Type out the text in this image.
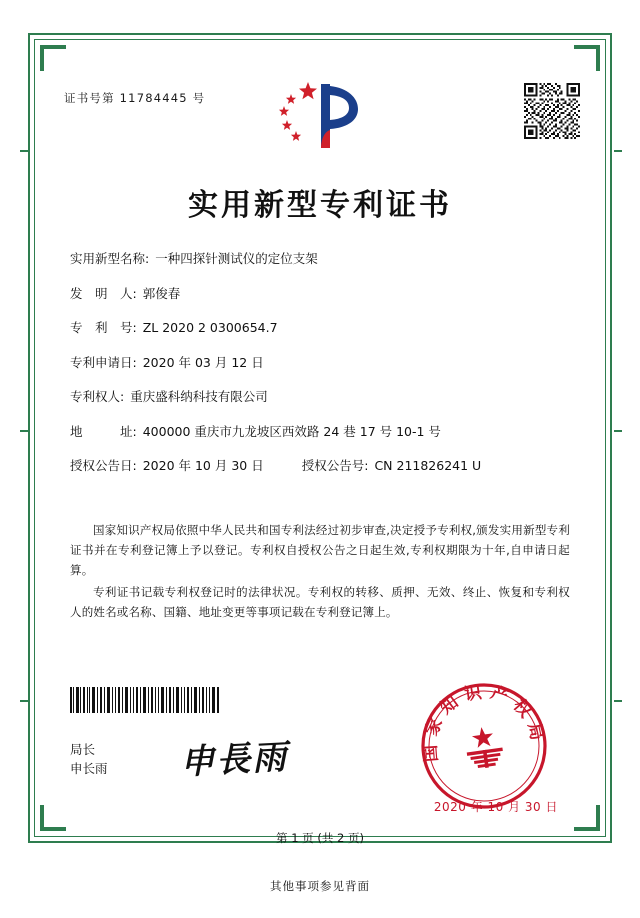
证书号第 11784445 号
实用新型专利证书
实用新型名称: 一种四探针测试仪的定位支架
发　明　人: 郭俊春
专　利　号: ZL 2020 2 0300654.7
专利申请日: 2020 年 03 月 12 日
专利权人: 重庆盛科纳科技有限公司
地　　　址: 400000 重庆市九龙坡区西效路 24 巷 17 号 10-1 号
授权公告日: 2020 年 10 月 30 日	授权公告号: CN 211826241 U

国家知识产权局依照中华人民共和国专利法经过初步审查,决定授予专利权,颁发实用新型专利证书并在专利登记簿上予以登记。专利权自授权公告之日起生效,专利权期限为十年,自申请日起算。

专利证书记载专利权登记时的法律状况。专利权的转移、质押、无效、终止、恢复和专利权人的姓名或名称、国籍、地址变更等事项记载在专利登记簿上。

局长
申长雨 申長雨	国家知识产权局
2020 年 10 月 30 日
第 1 页 (共 2 页)
其他事项参见背面
